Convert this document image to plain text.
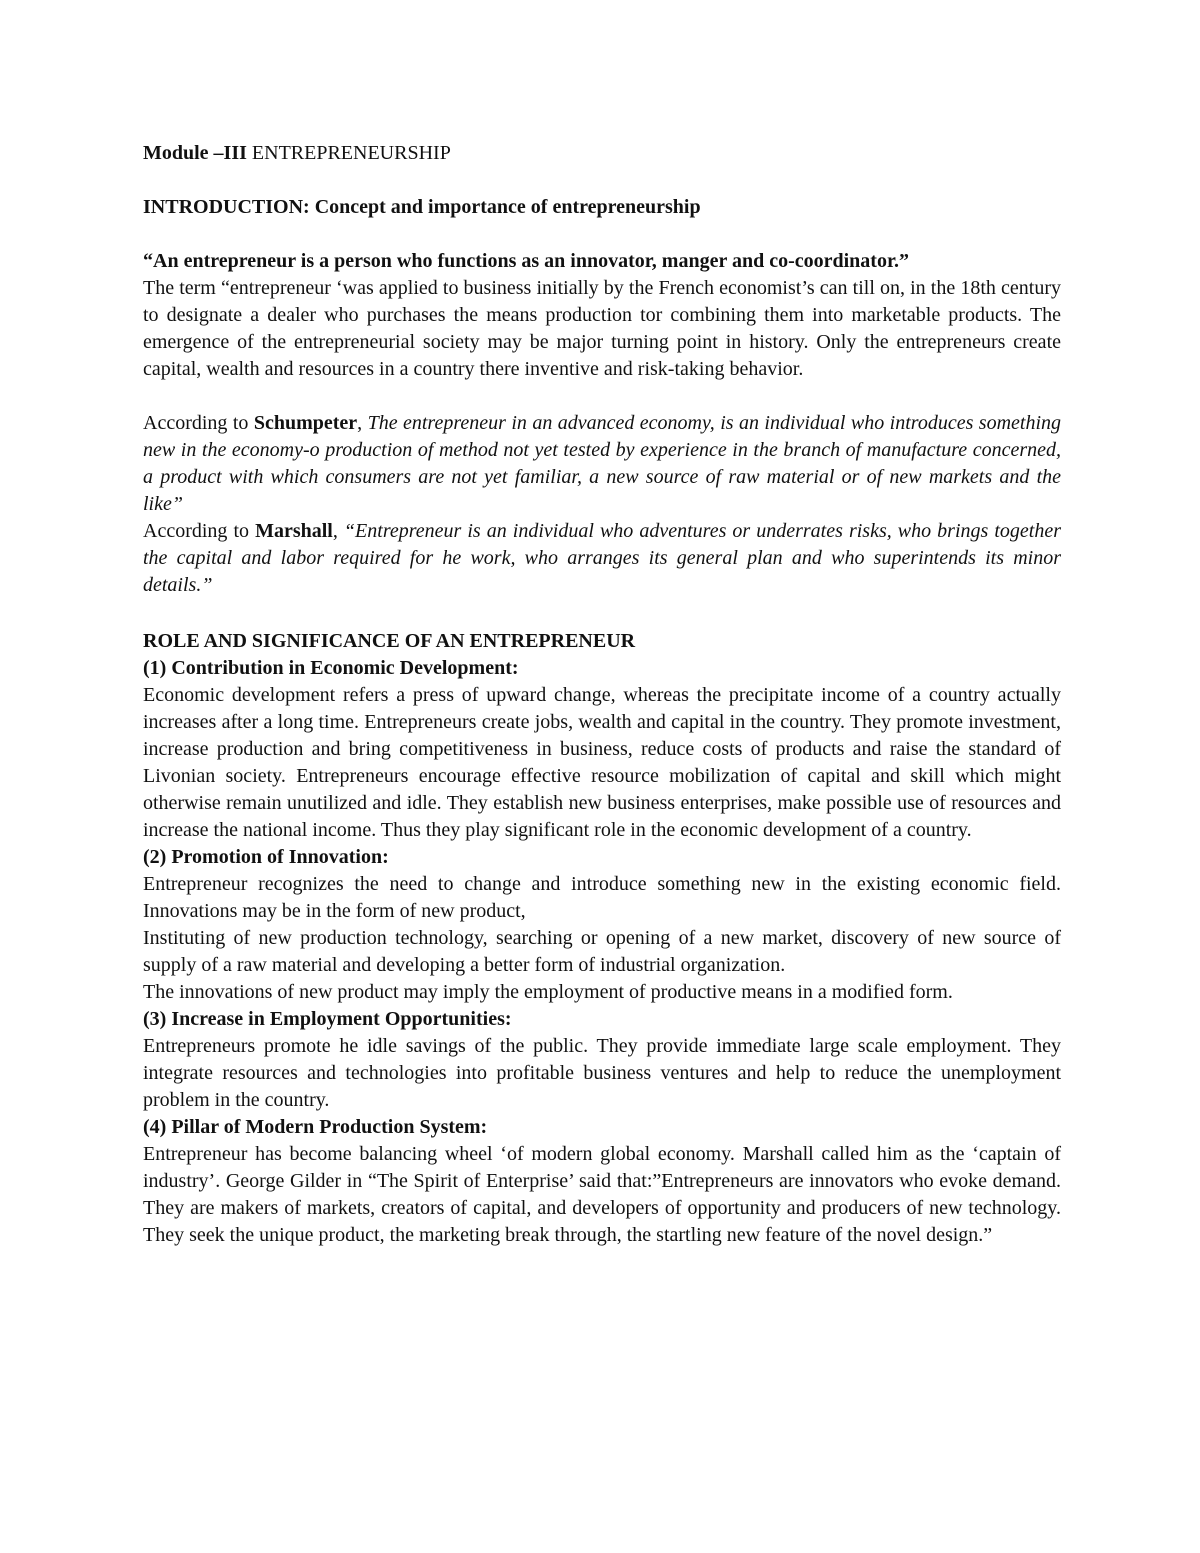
Module –III ENTREPRENEURSHIP

INTRODUCTION: Concept and importance of entrepreneurship

“An entrepreneur is a person who functions as an innovator, manger and co-coordinator.”

The term “entrepreneur ‘was applied to business initially by the French economist’s can till on, in the 18th century to designate a dealer who purchases the means production tor combining them into marketable products. The emergence of the entrepreneurial society may be major turning point in history. Only the entrepreneurs create capital, wealth and resources in a country there inventive and risk-taking behavior.

According to Schumpeter, The entrepreneur in an advanced economy, is an individual who introduces something new in the economy-o production of method not yet tested by experience in the branch of manufacture concerned, a product with which consumers are not yet familiar, a new source of raw material or of new markets and the like”

According to Marshall, “Entrepreneur is an individual who adventures or underrates risks, who brings together the capital and labor required for he work, who arranges its general plan and who superintends its minor details.”

ROLE AND SIGNIFICANCE OF AN ENTREPRENEUR

(1) Contribution in Economic Development:

Economic development refers a press of upward change, whereas the precipitate income of a country actually increases after a long time. Entrepreneurs create jobs, wealth and capital in the country. They promote investment, increase production and bring competitiveness in business, reduce costs of products and raise the standard of Livonian society. Entrepreneurs encourage effective resource mobilization of capital and skill which might otherwise remain unutilized and idle. They establish new business enterprises, make possible use of resources and increase the national income. Thus they play significant role in the economic development of a country.

(2) Promotion of Innovation:

Entrepreneur recognizes the need to change and introduce something new in the existing economic field. Innovations may be in the form of new product,

Instituting of new production technology, searching or opening of a new market, discovery of new source of supply of a raw material and developing a better form of industrial organization.

The innovations of new product may imply the employment of productive means in a modified form.

(3) Increase in Employment Opportunities:

Entrepreneurs promote he idle savings of the public. They provide immediate large scale employment. They integrate resources and technologies into profitable business ventures and help to reduce the unemployment problem in the country.

(4) Pillar of Modern Production System:

Entrepreneur has become balancing wheel ‘of modern global economy. Marshall called him as the ‘captain of industry’. George Gilder in “The Spirit of Enterprise’ said that:”Entrepreneurs are innovators who evoke demand. They are makers of markets, creators of capital, and developers of opportunity and producers of new technology. They seek the unique product, the marketing break through, the startling new feature of the novel design.”
